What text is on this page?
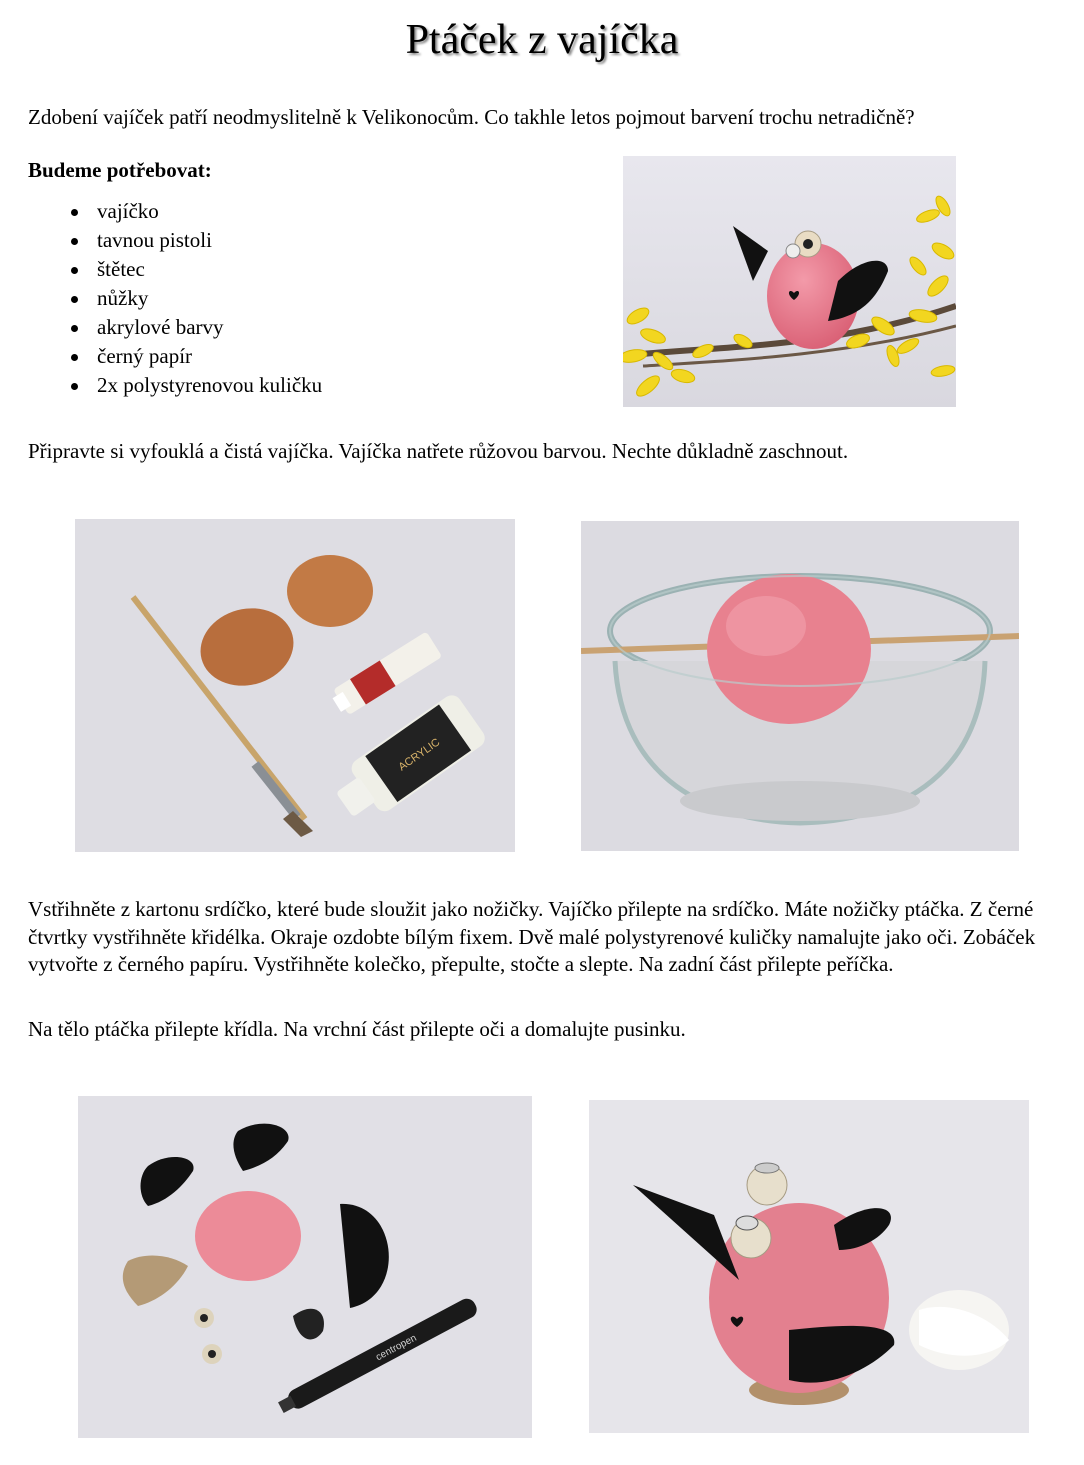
Ptáček z vajíčka
Zdobení vajíček patří neodmyslitelně k Velikonocům. Co takhle letos pojmout barvení trochu netradičně?
Budeme potřebovat:
vajíčko
tavnou pistoli
štětec
nůžky
akrylové barvy
černý papír
2x polystyrenovou kuličku
Připravte si vyfouklá a čistá vajíčka. Vajíčka natřete růžovou barvou. Nechte důkladně zaschnout.
ACRYLIC
Vstřihněte z kartonu srdíčko, které bude sloužit jako nožičky. Vajíčko přilepte na srdíčko. Máte nožičky ptáčka. Z černé čtvrtky vystřihněte křidélka. Okraje ozdobte bílým fixem. Dvě malé polystyrenové kuličky namalujte jako oči. Zobáček vytvořte z černého papíru. Vystřihněte kolečko, přepulte, stočte a slepte. Na zadní část přilepte peříčka.
Na tělo ptáčka přilepte křídla. Na vrchní část přilepte oči a domalujte pusinku.
centropen
